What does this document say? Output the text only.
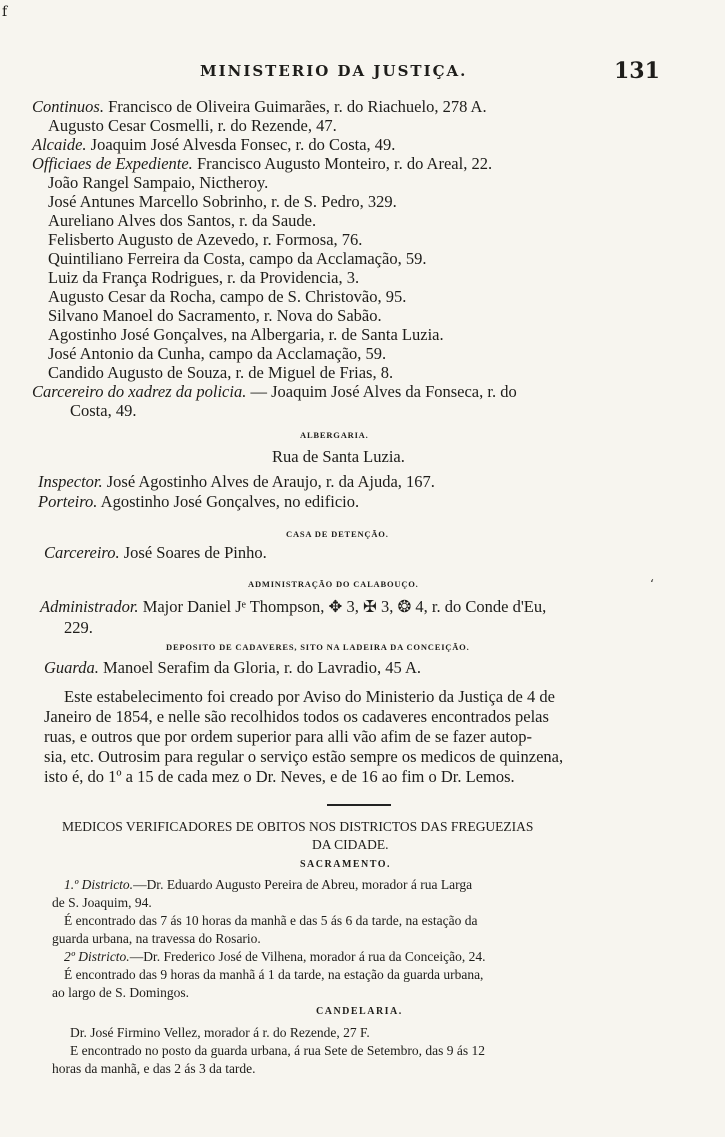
f
MINISTERIO DA JUSTIÇA.	131
Continuos. Francisco de Oliveira Guimarães, r. do Riachuelo, 278 A.
Augusto Cesar Cosmelli, r. do Rezende, 47.
Alcaide. Joaquim José Alvesda Fonsec, r. do Costa, 49.
Officiaes de Expediente. Francisco Augusto Monteiro, r. do Areal, 22.
João Rangel Sampaio, Nictheroy.
José Antunes Marcello Sobrinho, r. de S. Pedro, 329.
Aureliano Alves dos Santos, r. da Saude.
Felisberto Augusto de Azevedo, r. Formosa, 76.
Quintiliano Ferreira da Costa, campo da Acclamação, 59.
Luiz da França Rodrigues, r. da Providencia, 3.
Augusto Cesar da Rocha, campo de S. Christovão, 95.
Silvano Manoel do Sacramento, r. Nova do Sabão.
Agostinho José Gonçalves, na Albergaria, r. de Santa Luzia.
José Antonio da Cunha, campo da Acclamação, 59.
Candido Augusto de Souza, r. de Miguel de Frias, 8.
Carcereiro do xadrez da policia. — Joaquim José Alves da Fonseca, r. do
Costa, 49.
ALBERGARIA.
Rua de Santa Luzia.
Inspector. José Agostinho Alves de Araujo, r. da Ajuda, 167.
Porteiro. Agostinho José Gonçalves, no edificio.
CASA DE DETENÇÃO.
Carcereiro. José Soares de Pinho.
ADMINISTRAÇÃO DO CALABOUÇO.	‘
Administrador. Major Daniel Jᵉ Thompson, ✥ 3, ✠ 3, ❂ 4, r. do Conde d'Eu,
229.
DEPOSITO DE CADAVERES, SITO NA LADEIRA DA CONCEIÇÃO.
Guarda. Manoel Serafim da Gloria, r. do Lavradio, 45 A.
Este estabelecimento foi creado por Aviso do Ministerio da Justiça de 4 de
Janeiro de 1854, e nelle são recolhidos todos os cadaveres encontrados pelas
ruas, e outros que por ordem superior para alli vão afim de se fazer autop-
sia, etc. Outrosim para regular o serviço estão sempre os medicos de quinzena,
isto é, do 1º a 15 de cada mez o Dr. Neves, e de 16 ao fim o Dr. Lemos.
MEDICOS VERIFICADORES DE OBITOS NOS DISTRICTOS DAS FREGUEZIAS
DA CIDADE.
SACRAMENTO.
1.º Districto.—Dr. Eduardo Augusto Pereira de Abreu, morador á rua Larga
de S. Joaquim, 94.
É encontrado das 7 ás 10 horas da manhã e das 5 ás 6 da tarde, na estação da
guarda urbana, na travessa do Rosario.
2º Districto.—Dr. Frederico José de Vilhena, morador á rua da Conceição, 24.
É encontrado das 9 horas da manhã á 1 da tarde, na estação da guarda urbana,
ao largo de S. Domingos.
CANDELARIA.
Dr. José Firmino Vellez, morador á r. do Rezende, 27 F.
E encontrado no posto da guarda urbana, á rua Sete de Setembro, das 9 ás 12
horas da manhã, e das 2 ás 3 da tarde.
